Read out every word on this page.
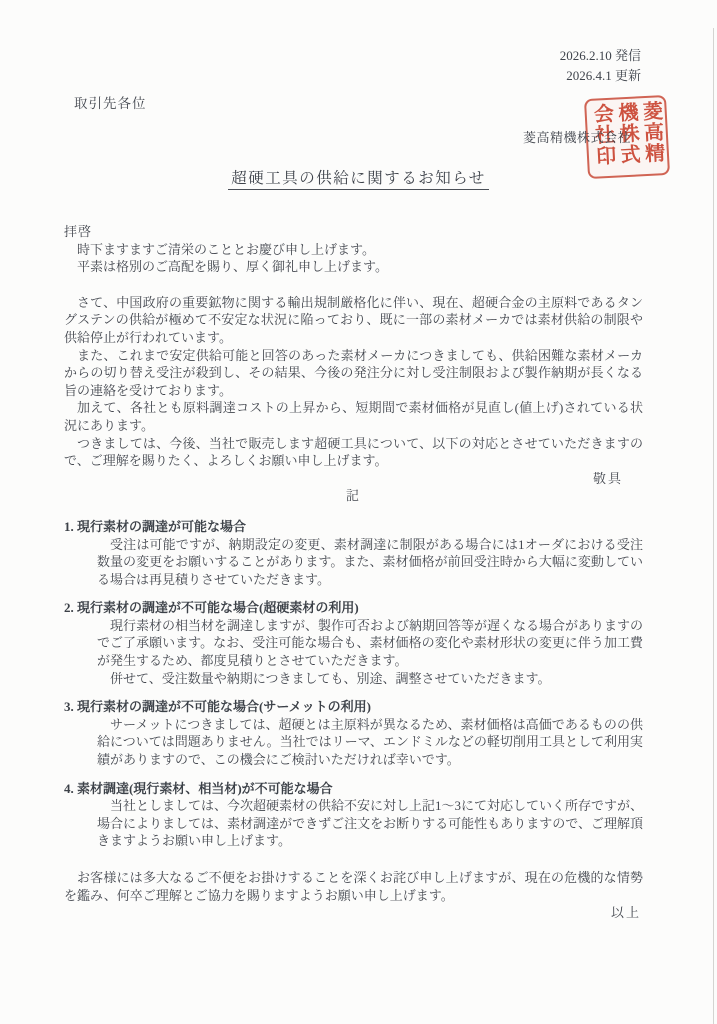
2026.2.10 発信
2026.4.1 更新
取引先各位
菱高精機株式会社 菱高精機株式会社印
超硬工具の供給に関するお知らせ

拝啓

時下ますますご清栄のこととお慶び申し上げます。

平素は格別のご高配を賜り、厚く御礼申し上げます。

さて、中国政府の重要鉱物に関する輸出規制厳格化に伴い、現在、超硬合金の主原料であるタングステンの供給が極めて不安定な状況に陥っており、既に一部の素材メーカでは素材供給の制限や供給停止が行われています。

また、これまで安定供給可能と回答のあった素材メーカにつきましても、供給困難な素材メーカからの切り替え受注が殺到し、その結果、今後の発注分に対し受注制限および製作納期が長くなる旨の連絡を受けております。

加えて、各社とも原料調達コストの上昇から、短期間で素材価格が見直し(値上げ)されている状況にあります。

つきましては、今後、当社で販売します超硬工具について、以下の対応とさせていただきますので、ご理解を賜りたく、よろしくお願い申し上げます。

敬具

記

1. 現行素材の調達が可能な場合

受注は可能ですが、納期設定の変更、素材調達に制限がある場合には1オーダにおける受注数量の変更をお願いすることがあります。また、素材価格が前回受注時から大幅に変動している場合は再見積りさせていただきます。

2. 現行素材の調達が不可能な場合(超硬素材の利用)

現行素材の相当材を調達しますが、製作可否および納期回答等が遅くなる場合がありますのでご了承願います。なお、受注可能な場合も、素材価格の変化や素材形状の変更に伴う加工費が発生するため、都度見積りとさせていただきます。

併せて、受注数量や納期につきましても、別途、調整させていただきます。

3. 現行素材の調達が不可能な場合(サーメットの利用)

サーメットにつきましては、超硬とは主原料が異なるため、素材価格は高価であるものの供給については問題ありません。当社ではリーマ、エンドミルなどの軽切削用工具として利用実績がありますので、この機会にご検討いただければ幸いです。

4. 素材調達(現行素材、相当材)が不可能な場合

当社としましては、今次超硬素材の供給不安に対し上記1～3にて対応していく所存ですが、場合によりましては、素材調達ができずご注文をお断りする可能性もありますので、ご理解頂きますようお願い申し上げます。

お客様には多大なるご不便をお掛けすることを深くお詫び申し上げますが、現在の危機的な情勢を鑑み、何卒ご理解とご協力を賜りますようお願い申し上げます。

以上
